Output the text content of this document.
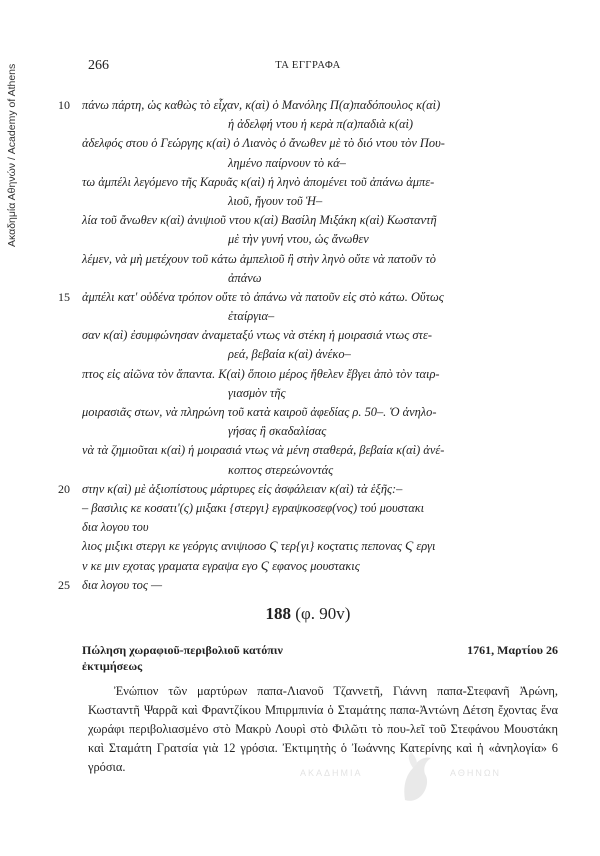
Ακαδημία Αθηνών / Academy of Athens	266	ΤΑ ΕΓΓΡΑΦΑ
10 πάνω πάρτη, ὡς καθὼς τὸ εἶχαν, κ(αὶ) ὁ Μανόλης Π(α)παδόπουλος κ(αὶ)
ἡ ἀδελφή ντου ἡ κερὰ π(α)παδιὰ κ(αὶ)
ἀδελφός στου ὁ Γεώργης κ(αὶ) ὁ Λιανὸς ὁ ἄνωθεν μὲ τὸ διό ντου τὸν Που-
λημένο παίρνουν τὸ κά–
τω ἀμπέλι λεγόμενο τῆς Καρυᾶς κ(αὶ) ἡ ληνὸ ἀπομένει τοῦ ἀπάνω ἀμπε-
λιοῦ, ἤγουν τοῦ Ἡ–
λία τοῦ ἄνωθεν κ(αὶ) ἀνιψιοῦ ντου κ(αὶ) Βασίλη Μιξάκη κ(αὶ) Κωσταντῆ
μὲ τὴν γυνή ντου, ὡς ἄνωθεν
λέμεν, νὰ μὴ μετέχουν τοῦ κάτω ἀμπελιοῦ ἢ στὴν ληνὸ οὔτε νὰ πατοῦν τὸ
ἀπάνω
15 ἀμπέλι κατ' οὐδένα τρόπον οὔτε τὸ ἀπάνω νὰ πατοῦν εἰς στὸ κάτω. Οὕτως
ἐταίργια–
σαν κ(αὶ) ἐσυμφώνησαν ἀναμεταξύ ντως νὰ στέκη ἡ μοιρασιά ντως στε-
ρεά, βεβαία κ(αὶ) ἀνέκο–
πτος εἰς αἰῶνα τὸν ἅπαντα. Κ(αὶ) ὅποιο μέρος ἤθελεν ἔβγει ἀπὸ τὸν ταιρ-
γιασμὸν τῆς
μοιρασιᾶς στων, νὰ πληρώνη τοῦ κατὰ καιροῦ ἀφεδίας ρ. 50–. Ὁ ἀνηλο-
γήσας ἢ σκαδαλίσας
νὰ τὰ ζημιοῦται κ(αὶ) ἡ μοιρασιά ντως νὰ μένη σταθερά, βεβαία κ(αὶ) ἀνέ-
κοπτος στερεώνοντάς
20 στην κ(αὶ) μὲ ἀξιοπίστους μάρτυρες εἰς ἀσφάλειαν κ(αὶ) τὰ ἑξῆς:–
– βασιλις κε κοσατι'(ς) μιξακι {στεργι} εγραψκοσεφ(νος) τού μουστακι
δια λογου του
λιος μιξικι στεργι κε γεόργις ανιψιοσο Ϛ τερ{γι} κοςτατις πεπονας Ϛ εργι
ν κε μιν εχοτας γραματα εγραψα εγο Ϛ εφανος μουστακις
25 δια λογου τος —
188 (φ. 90v)
Πώληση χωραφιοῦ-περιβολιοῦ κατόπιν ἐκτιμήσεως
1761, Μαρτίου 26

Ἐνώπιον τῶν μαρτύρων παπα-Λιανοῦ Τζαννετῆ, Γιάννη παπα-Στεφανῆ Ἀρώνη, Κωσταντῆ Ψαρρᾶ καὶ Φραντζίκου Μπιρμπινία ὁ Σταμάτης παπα-Ἀντώνη Δέτση ἔχοντας ἕνα χωράφι περιβολιασμένο στὸ Μακρὺ Λουρὶ στὸ Φιλῶτι τὸ που-λεῖ τοῦ Στεφάνου Μουστάκη καὶ Σταμάτη Γρατσία γιὰ 12 γρόσια. Ἐκτιμητὴς ὁ Ἰωάννης Κατερίνης καὶ ἡ «ἀνηλογία» 6 γρόσια.	ΑΚΑΔΗΜΙΑ	ΑΘΗΝΩΝ
